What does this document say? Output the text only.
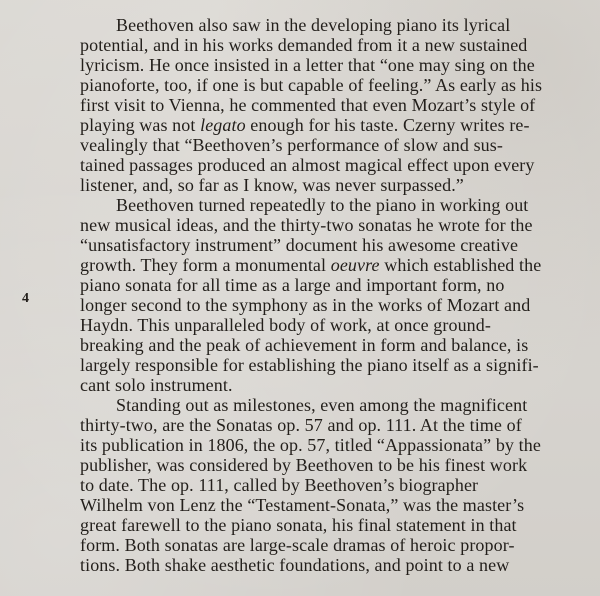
4
Beethoven also saw in the developing piano its lyrical
potential, and in his works demanded from it a new sustained
lyricism. He once insisted in a letter that “one may sing on the
pianoforte, too, if one is but capable of feeling.” As early as his
first visit to Vienna, he commented that even Mozart’s style of
playing was not legato enough for his taste. Czerny writes re-
vealingly that “Beethoven’s performance of slow and sus-
tained passages produced an almost magical effect upon every
listener, and, so far as I know, was never surpassed.”
Beethoven turned repeatedly to the piano in working out
new musical ideas, and the thirty-two sonatas he wrote for the
“unsatisfactory instrument” document his awesome creative
growth. They form a monumental oeuvre which established the
piano sonata for all time as a large and important form, no
longer second to the symphony as in the works of Mozart and
Haydn. This unparalleled body of work, at once ground-
breaking and the peak of achievement in form and balance, is
largely responsible for establishing the piano itself as a signifi-
cant solo instrument.
Standing out as milestones, even among the magnificent
thirty-two, are the Sonatas op. 57 and op. 111. At the time of
its publication in 1806, the op. 57, titled “Appassionata” by the
publisher, was considered by Beethoven to be his finest work
to date. The op. 111, called by Beethoven’s biographer
Wilhelm von Lenz the “Testament-Sonata,” was the master’s
great farewell to the piano sonata, his final statement in that
form. Both sonatas are large-scale dramas of heroic propor-
tions. Both shake aesthetic foundations, and point to a new
